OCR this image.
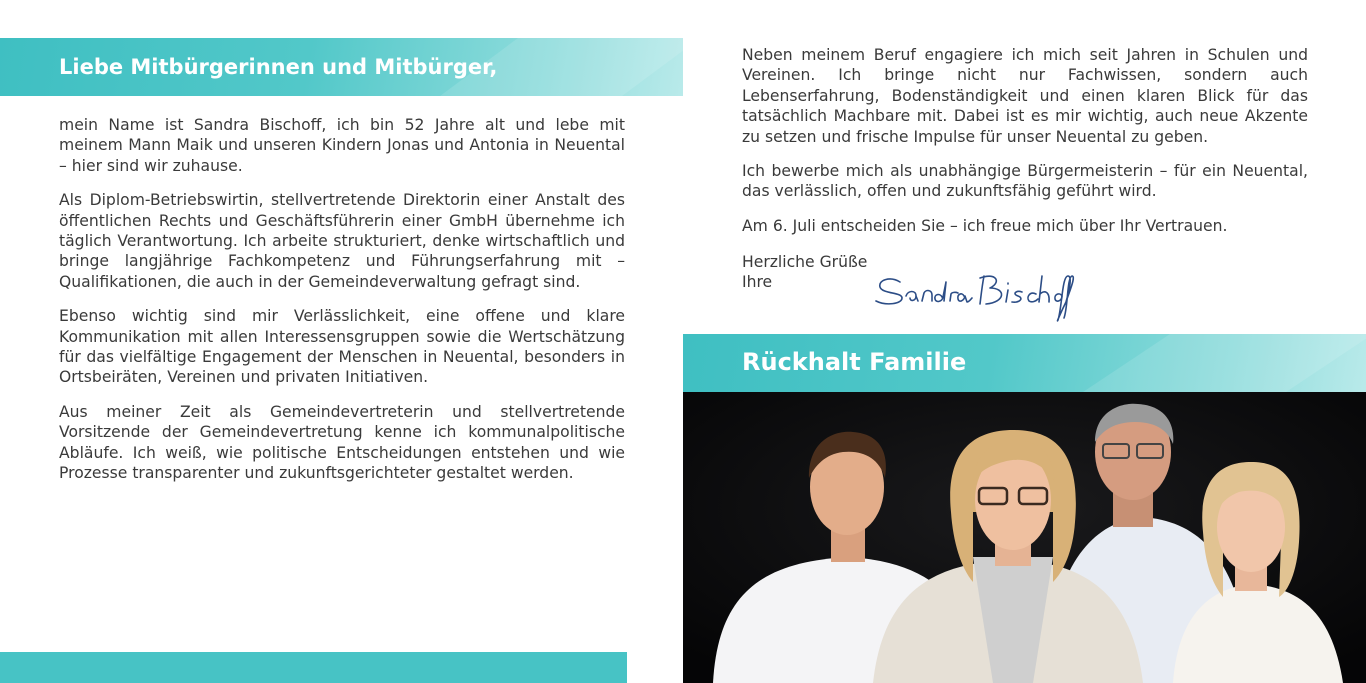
Liebe Mitbürgerinnen und Mitbürger,

mein Name ist Sandra Bischoff, ich bin 52 Jahre alt und lebe mit meinem Mann Maik und unseren Kindern Jonas und Antonia in Neuental – hier sind wir zuhause.

Als Diplom-Betriebswirtin, stellvertretende Direktorin einer Anstalt des öffentlichen Rechts und Geschäftsführerin einer GmbH übernehme ich täglich Verantwortung. Ich arbeite strukturiert, denke wirtschaftlich und bringe langjährige Fachkompetenz und Führungserfahrung mit – Qualifikationen, die auch in der Gemeindeverwaltung gefragt sind.

Ebenso wichtig sind mir Verlässlichkeit, eine offene und klare Kommunikation mit allen Interessensgruppen sowie die Wertschätzung für das vielfältige Engagement der Menschen in Neuental, besonders in Ortsbeiräten, Vereinen und privaten Initiativen.

Aus meiner Zeit als Gemeindevertreterin und stellvertretende Vorsitzende der Gemeindevertretung kenne ich kommunalpolitische Abläufe. Ich weiß, wie politische Entscheidungen entstehen und wie Prozesse transparenter und zukunftsgerichteter gestaltet werden.

Neben meinem Beruf engagiere ich mich seit Jahren in Schulen und Vereinen. Ich bringe nicht nur Fachwissen, sondern auch Lebenserfahrung, Bodenständigkeit und einen klaren Blick für das tatsächlich Machbare mit. Dabei ist es mir wichtig, auch neue Akzente zu setzen und frische Impulse für unser Neuental zu geben.

Ich bewerbe mich als unabhängige Bürgermeisterin – für ein Neuental, das verlässlich, offen und zukunftsfähig geführt wird.

Am 6. Juli entscheiden Sie – ich freue mich über Ihr Vertrauen.

Herzliche Grüße
Ihre
Rückhalt Familie
